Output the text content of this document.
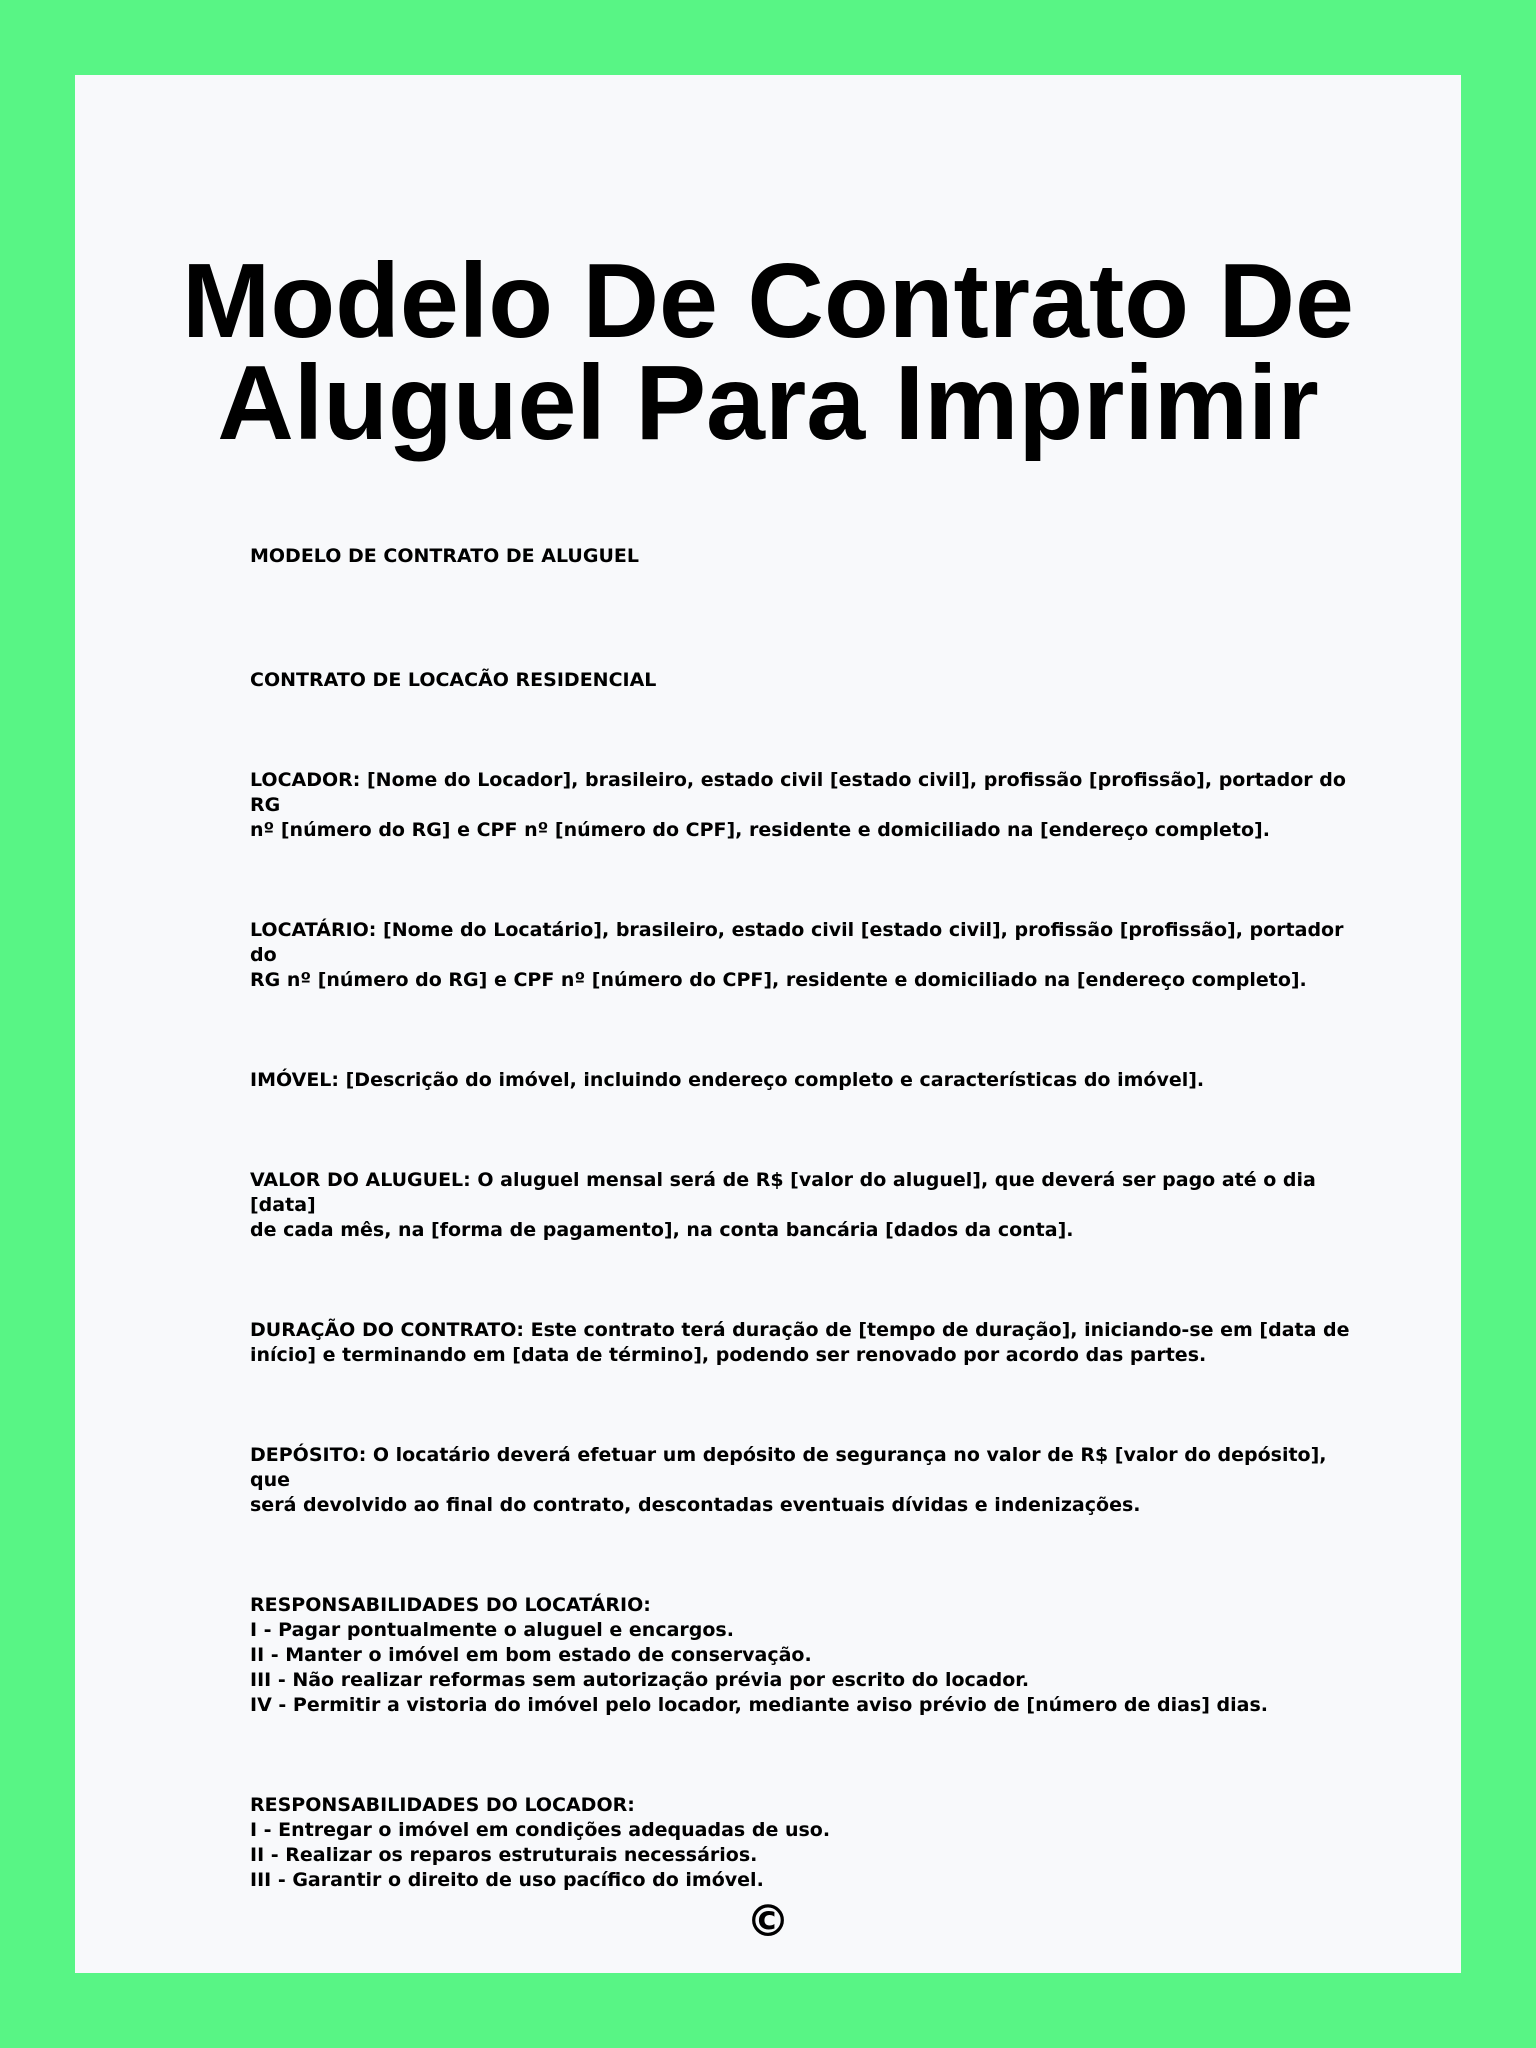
Modelo De Contrato De
Aluguel Para Imprimir

MODELO DE CONTRATO DE ALUGUEL

CONTRATO DE LOCACÃO RESIDENCIAL

LOCADOR: [Nome do Locador], brasileiro, estado civil [estado civil], profissão [profissão], portador do RG
nº [número do RG] e CPF nº [número do CPF], residente e domiciliado na [endereço completo].

LOCATÁRIO: [Nome do Locatário], brasileiro, estado civil [estado civil], profissão [profissão], portador do
RG nº [número do RG] e CPF nº [número do CPF], residente e domiciliado na [endereço completo].

IMÓVEL: [Descrição do imóvel, incluindo endereço completo e características do imóvel].

VALOR DO ALUGUEL: O aluguel mensal será de R$ [valor do aluguel], que deverá ser pago até o dia [data]
de cada mês, na [forma de pagamento], na conta bancária [dados da conta].

DURAÇÃO DO CONTRATO: Este contrato terá duração de [tempo de duração], iniciando-se em [data de
início] e terminando em [data de término], podendo ser renovado por acordo das partes.

DEPÓSITO: O locatário deverá efetuar um depósito de segurança no valor de R$ [valor do depósito], que
será devolvido ao final do contrato, descontadas eventuais dívidas e indenizações.

RESPONSABILIDADES DO LOCATÁRIO:
I - Pagar pontualmente o aluguel e encargos.
II - Manter o imóvel em bom estado de conservação.
III - Não realizar reformas sem autorização prévia por escrito do locador.
IV - Permitir a vistoria do imóvel pelo locador, mediante aviso prévio de [número de dias] dias.

RESPONSABILIDADES DO LOCADOR:
I - Entregar o imóvel em condições adequadas de uso.
II - Realizar os reparos estruturais necessários.
III - Garantir o direito de uso pacífico do imóvel.

©
